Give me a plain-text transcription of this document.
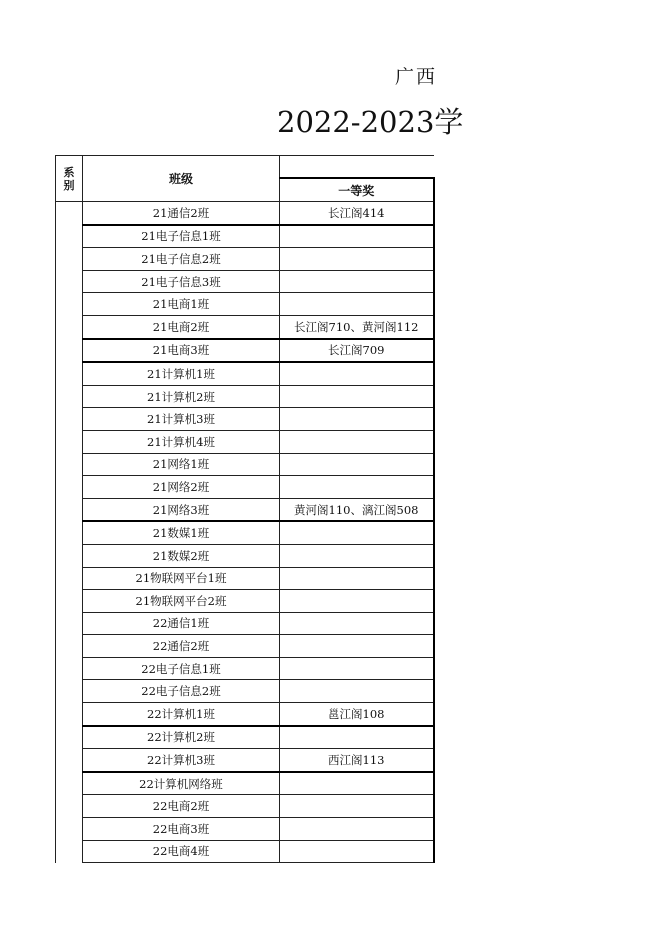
广西
2022-2023学
系别	班级	
		一等奖
	21通信2班	长江阁414
	21电子信息1班	
	21电子信息2班	
	21电子信息3班	
	21电商1班	
	21电商2班	长江阁710、黄河阁112
	21电商3班	长江阁709
	21计算机1班	
	21计算机2班	
	21计算机3班	
	21计算机4班	
	21网络1班	
	21网络2班	
	21网络3班	黄河阁110、漓江阁508
	21数媒1班	
	21数媒2班	
	21物联网平台1班	
	21物联网平台2班	
	22通信1班	
	22通信2班	
	22电子信息1班	
	22电子信息2班	
	22计算机1班	邕江阁108
	22计算机2班	
	22计算机3班	西江阁113
	22计算机网络班	
	22电商2班	
	22电商3班	
	22电商4班	
